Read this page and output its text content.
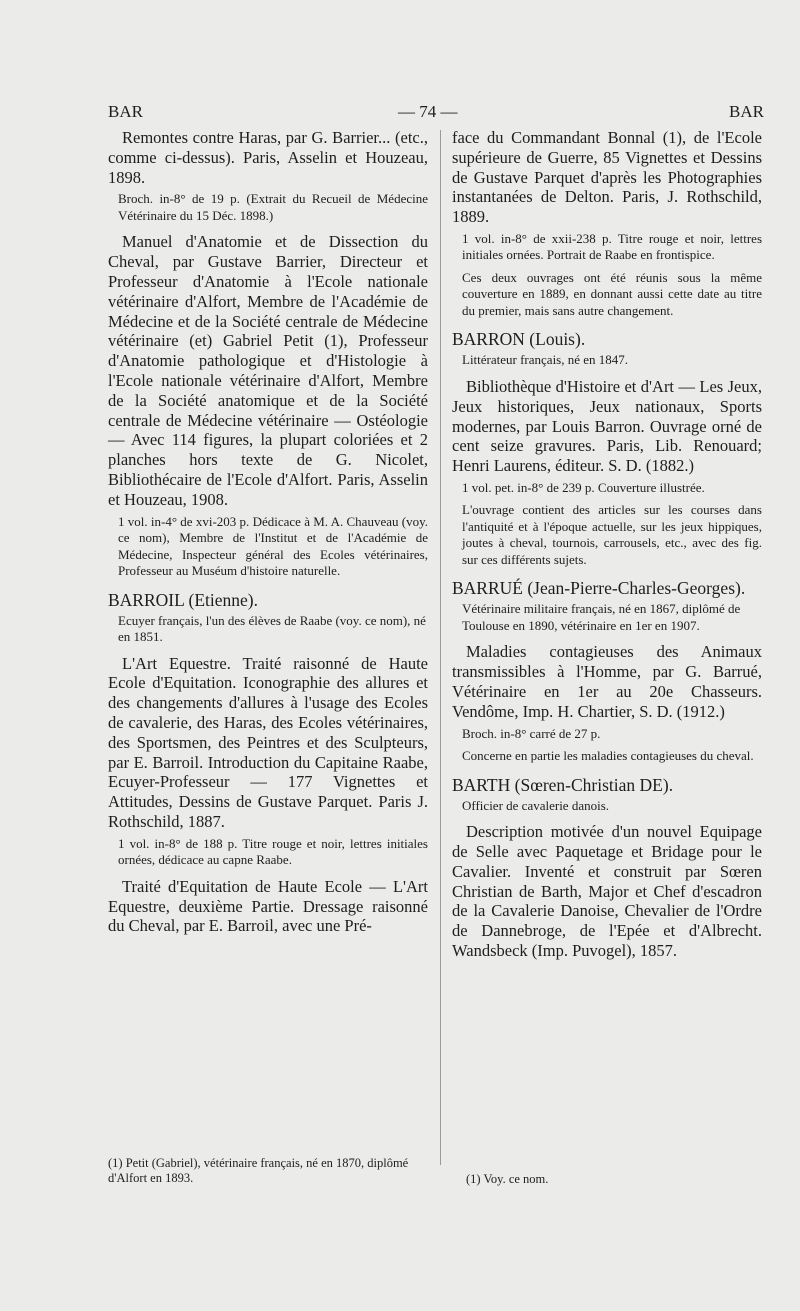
BAR	— 74 —	BAR

Remontes contre Haras, par G. Barrier... (etc., comme ci-dessus). Paris, Asselin et Houzeau, 1898.

Broch. in-8° de 19 p. (Extrait du Recueil de Médecine Vétérinaire du 15 Déc. 1898.)

Manuel d'Anatomie et de Dissection du Cheval, par Gustave Barrier, Directeur et Professeur d'Anatomie à l'Ecole nationale vétérinaire d'Alfort, Membre de l'Académie de Médecine et de la Société centrale de Médecine vétérinaire (et) Gabriel Petit (1), Professeur d'Anatomie pathologique et d'Histologie à l'Ecole nationale vétérinaire d'Alfort, Membre de la Société anatomique et de la Société centrale de Médecine vétérinaire — Ostéologie — Avec 114 figures, la plupart coloriées et 2 planches hors texte de G. Nicolet, Bibliothécaire de l'Ecole d'Alfort. Paris, Asselin et Houzeau, 1908.

1 vol. in-4° de xvi-203 p. Dédicace à M. A. Chauveau (voy. ce nom), Membre de l'Institut et de l'Académie de Médecine, Inspecteur général des Ecoles vétérinaires, Professeur au Muséum d'histoire naturelle.

BARROIL (Etienne).

Ecuyer français, l'un des élèves de Raabe (voy. ce nom), né en 1851.

L'Art Equestre. Traité raisonné de Haute Ecole d'Equitation. Iconographie des allures et des changements d'allures à l'usage des Ecoles de cavalerie, des Haras, des Ecoles vétérinaires, des Sportsmen, des Peintres et des Sculpteurs, par E. Barroil. Introduction du Capitaine Raabe, Ecuyer-Professeur — 177 Vignettes et Attitudes, Dessins de Gustave Parquet. Paris J. Rothschild, 1887.

1 vol. in-8° de 188 p. Titre rouge et noir, lettres initiales ornées, dédicace au capne Raabe.

Traité d'Equitation de Haute Ecole — L'Art Equestre, deuxième Partie. Dressage raisonné du Cheval, par E. Barroil, avec une Pré-

face du Commandant Bonnal (1), de l'Ecole supérieure de Guerre, 85 Vignettes et Dessins de Gustave Parquet d'après les Photographies instantanées de Delton. Paris, J. Rothschild, 1889.

1 vol. in-8° de xxii-238 p. Titre rouge et noir, lettres initiales ornées. Portrait de Raabe en frontispice.

Ces deux ouvrages ont été réunis sous la même couverture en 1889, en donnant aussi cette date au titre du premier, mais sans autre changement.

BARRON (Louis).

Littérateur français, né en 1847.

Bibliothèque d'Histoire et d'Art — Les Jeux, Jeux historiques, Jeux nationaux, Sports modernes, par Louis Barron. Ouvrage orné de cent seize gravures. Paris, Lib. Renouard; Henri Laurens, éditeur. S. D. (1882.)

1 vol. pet. in-8° de 239 p. Couverture illustrée.

L'ouvrage contient des articles sur les courses dans l'antiquité et à l'époque actuelle, sur les jeux hippiques, joutes à cheval, tournois, carrousels, etc., avec des fig. sur ces différents sujets.

BARRUÉ (Jean-Pierre-Charles-Georges).

Vétérinaire militaire français, né en 1867, diplômé de Toulouse en 1890, vétérinaire en 1er en 1907.

Maladies contagieuses des Animaux transmissibles à l'Homme, par G. Barrué, Vétérinaire en 1er au 20e Chasseurs. Vendôme, Imp. H. Chartier, S. D. (1912.)

Broch. in-8° carré de 27 p.

Concerne en partie les maladies contagieuses du cheval.

BARTH (Sœren-Christian DE).

Officier de cavalerie danois.

Description motivée d'un nouvel Equipage de Selle avec Paquetage et Bridage pour le Cavalier. Inventé et construit par Sœren Christian de Barth, Major et Chef d'escadron de la Cavalerie Danoise, Chevalier de l'Ordre de Dannebroge, de l'Epée et d'Albrecht. Wandsbeck (Imp. Puvogel), 1857.

(1) Petit (Gabriel), vétérinaire français, né en 1870, diplômé d'Alfort en 1893.	(1) Voy. ce nom.
